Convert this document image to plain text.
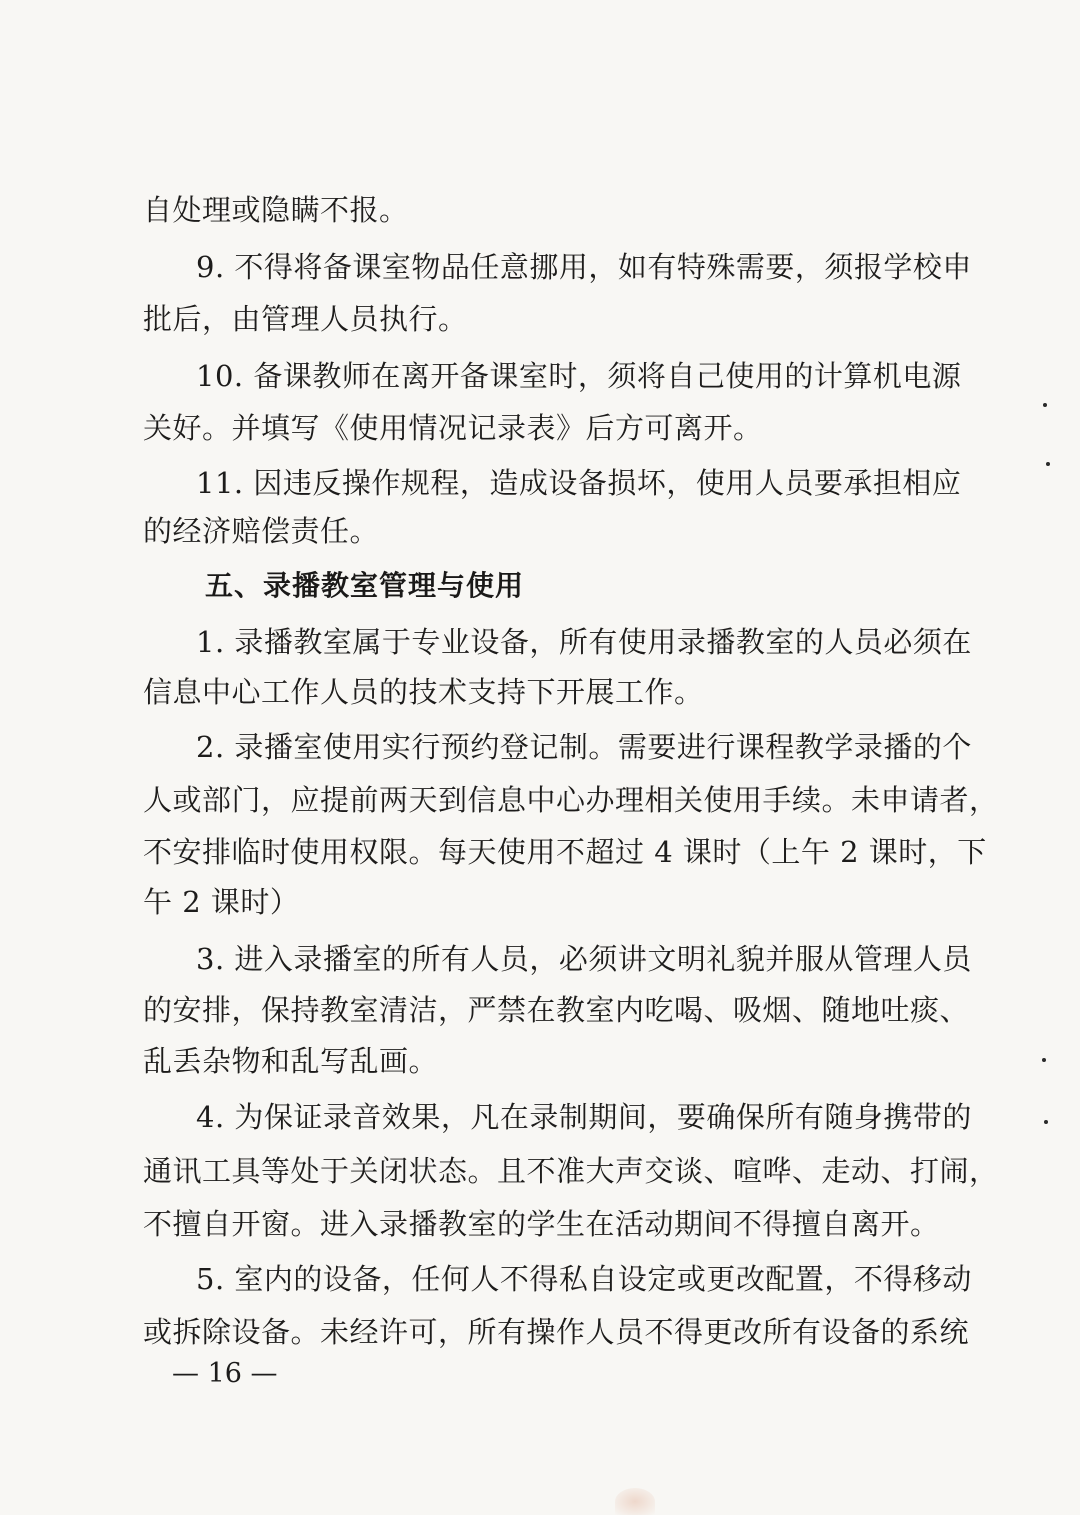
自处理或隐瞒不报。
9. 不得将备课室物品任意挪用，如有特殊需要，须报学校申
批后，由管理人员执行。
10. 备课教师在离开备课室时，须将自己使用的计算机电源
关好。并填写《使用情况记录表》后方可离开。
11. 因违反操作规程，造成设备损坏，使用人员要承担相应
的经济赔偿责任。
五、录播教室管理与使用
1. 录播教室属于专业设备，所有使用录播教室的人员必须在
信息中心工作人员的技术支持下开展工作。
2. 录播室使用实行预约登记制。需要进行课程教学录播的个
人或部门，应提前两天到信息中心办理相关使用手续。未申请者，
不安排临时使用权限。每天使用不超过 4 课时（上午 2 课时，下
午 2 课时）
3. 进入录播室的所有人员，必须讲文明礼貌并服从管理人员
的安排，保持教室清洁，严禁在教室内吃喝、吸烟、随地吐痰、
乱丢杂物和乱写乱画。
4. 为保证录音效果，凡在录制期间，要确保所有随身携带的
通讯工具等处于关闭状态。且不准大声交谈、喧哗、走动、打闹，
不擅自开窗。进入录播教室的学生在活动期间不得擅自离开。
5. 室内的设备，任何人不得私自设定或更改配置，不得移动
或拆除设备。未经许可，所有操作人员不得更改所有设备的系统
— 16 —
